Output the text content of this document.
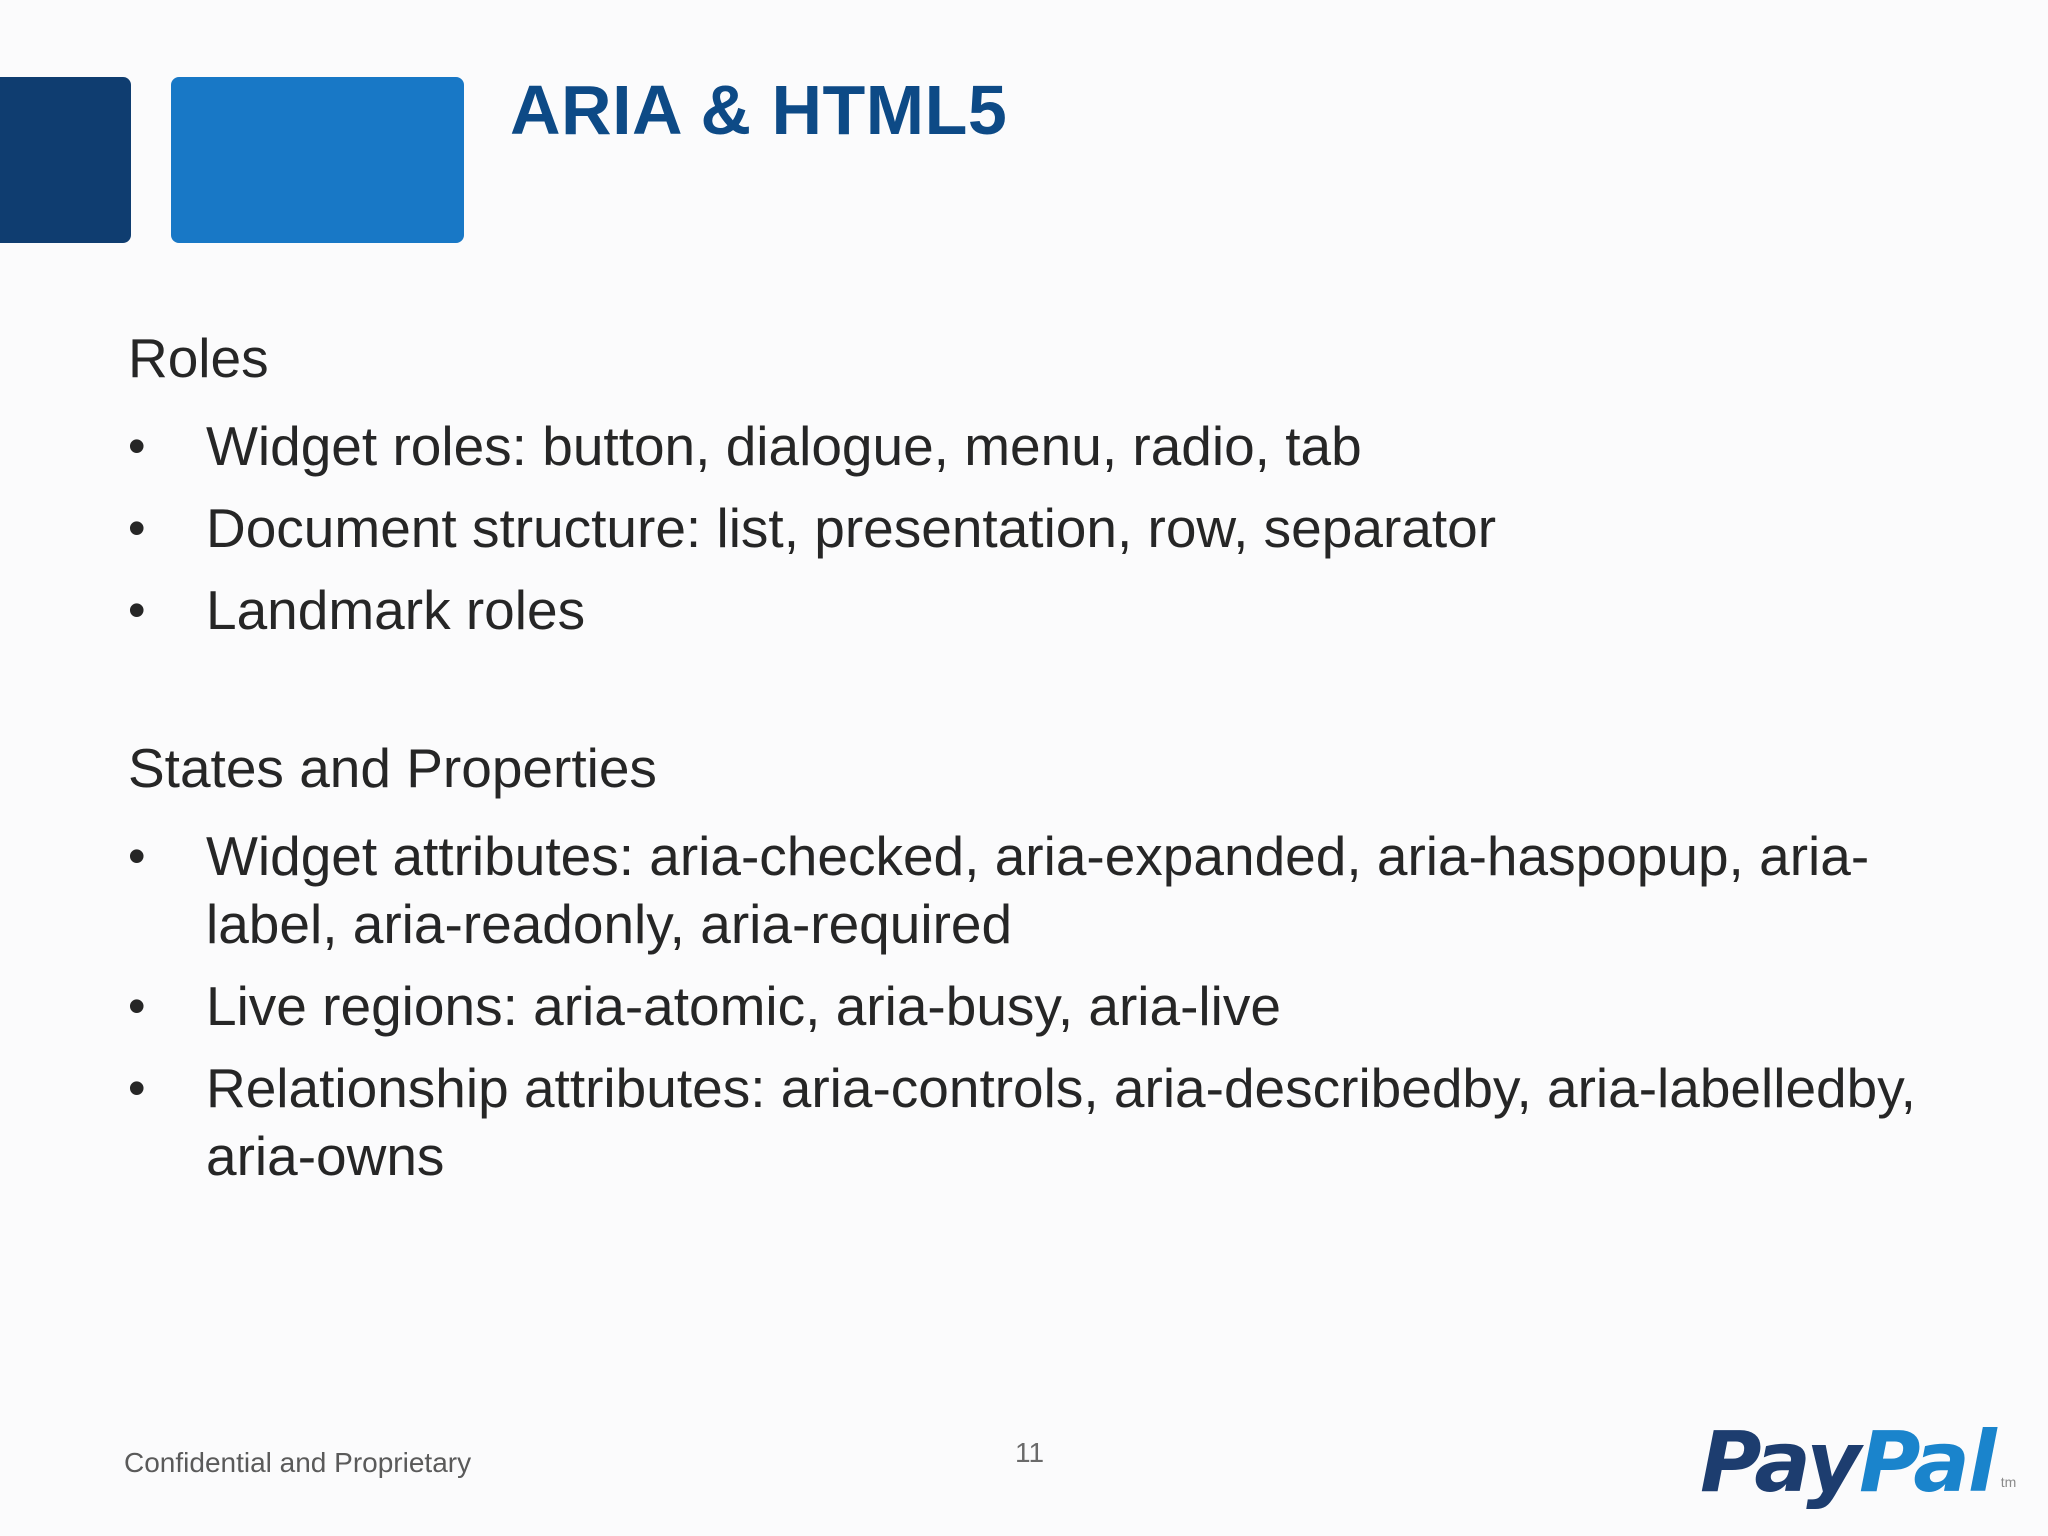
ARIA & HTML5

Roles

• Widget roles: button, dialogue, menu, radio, tab
• Document structure: list, presentation, row, separator
• Landmark roles

States and Properties

• Widget attributes: aria-checked, aria-expanded, aria-haspopup, aria-label, aria-readonly, aria-required
• Live regions: aria-atomic, aria-busy, aria-live
• Relationship attributes: aria-controls, aria-describedby, aria-labelledby, aria-owns
Confidential and Proprietary	11	PayPal $^{tm}$
